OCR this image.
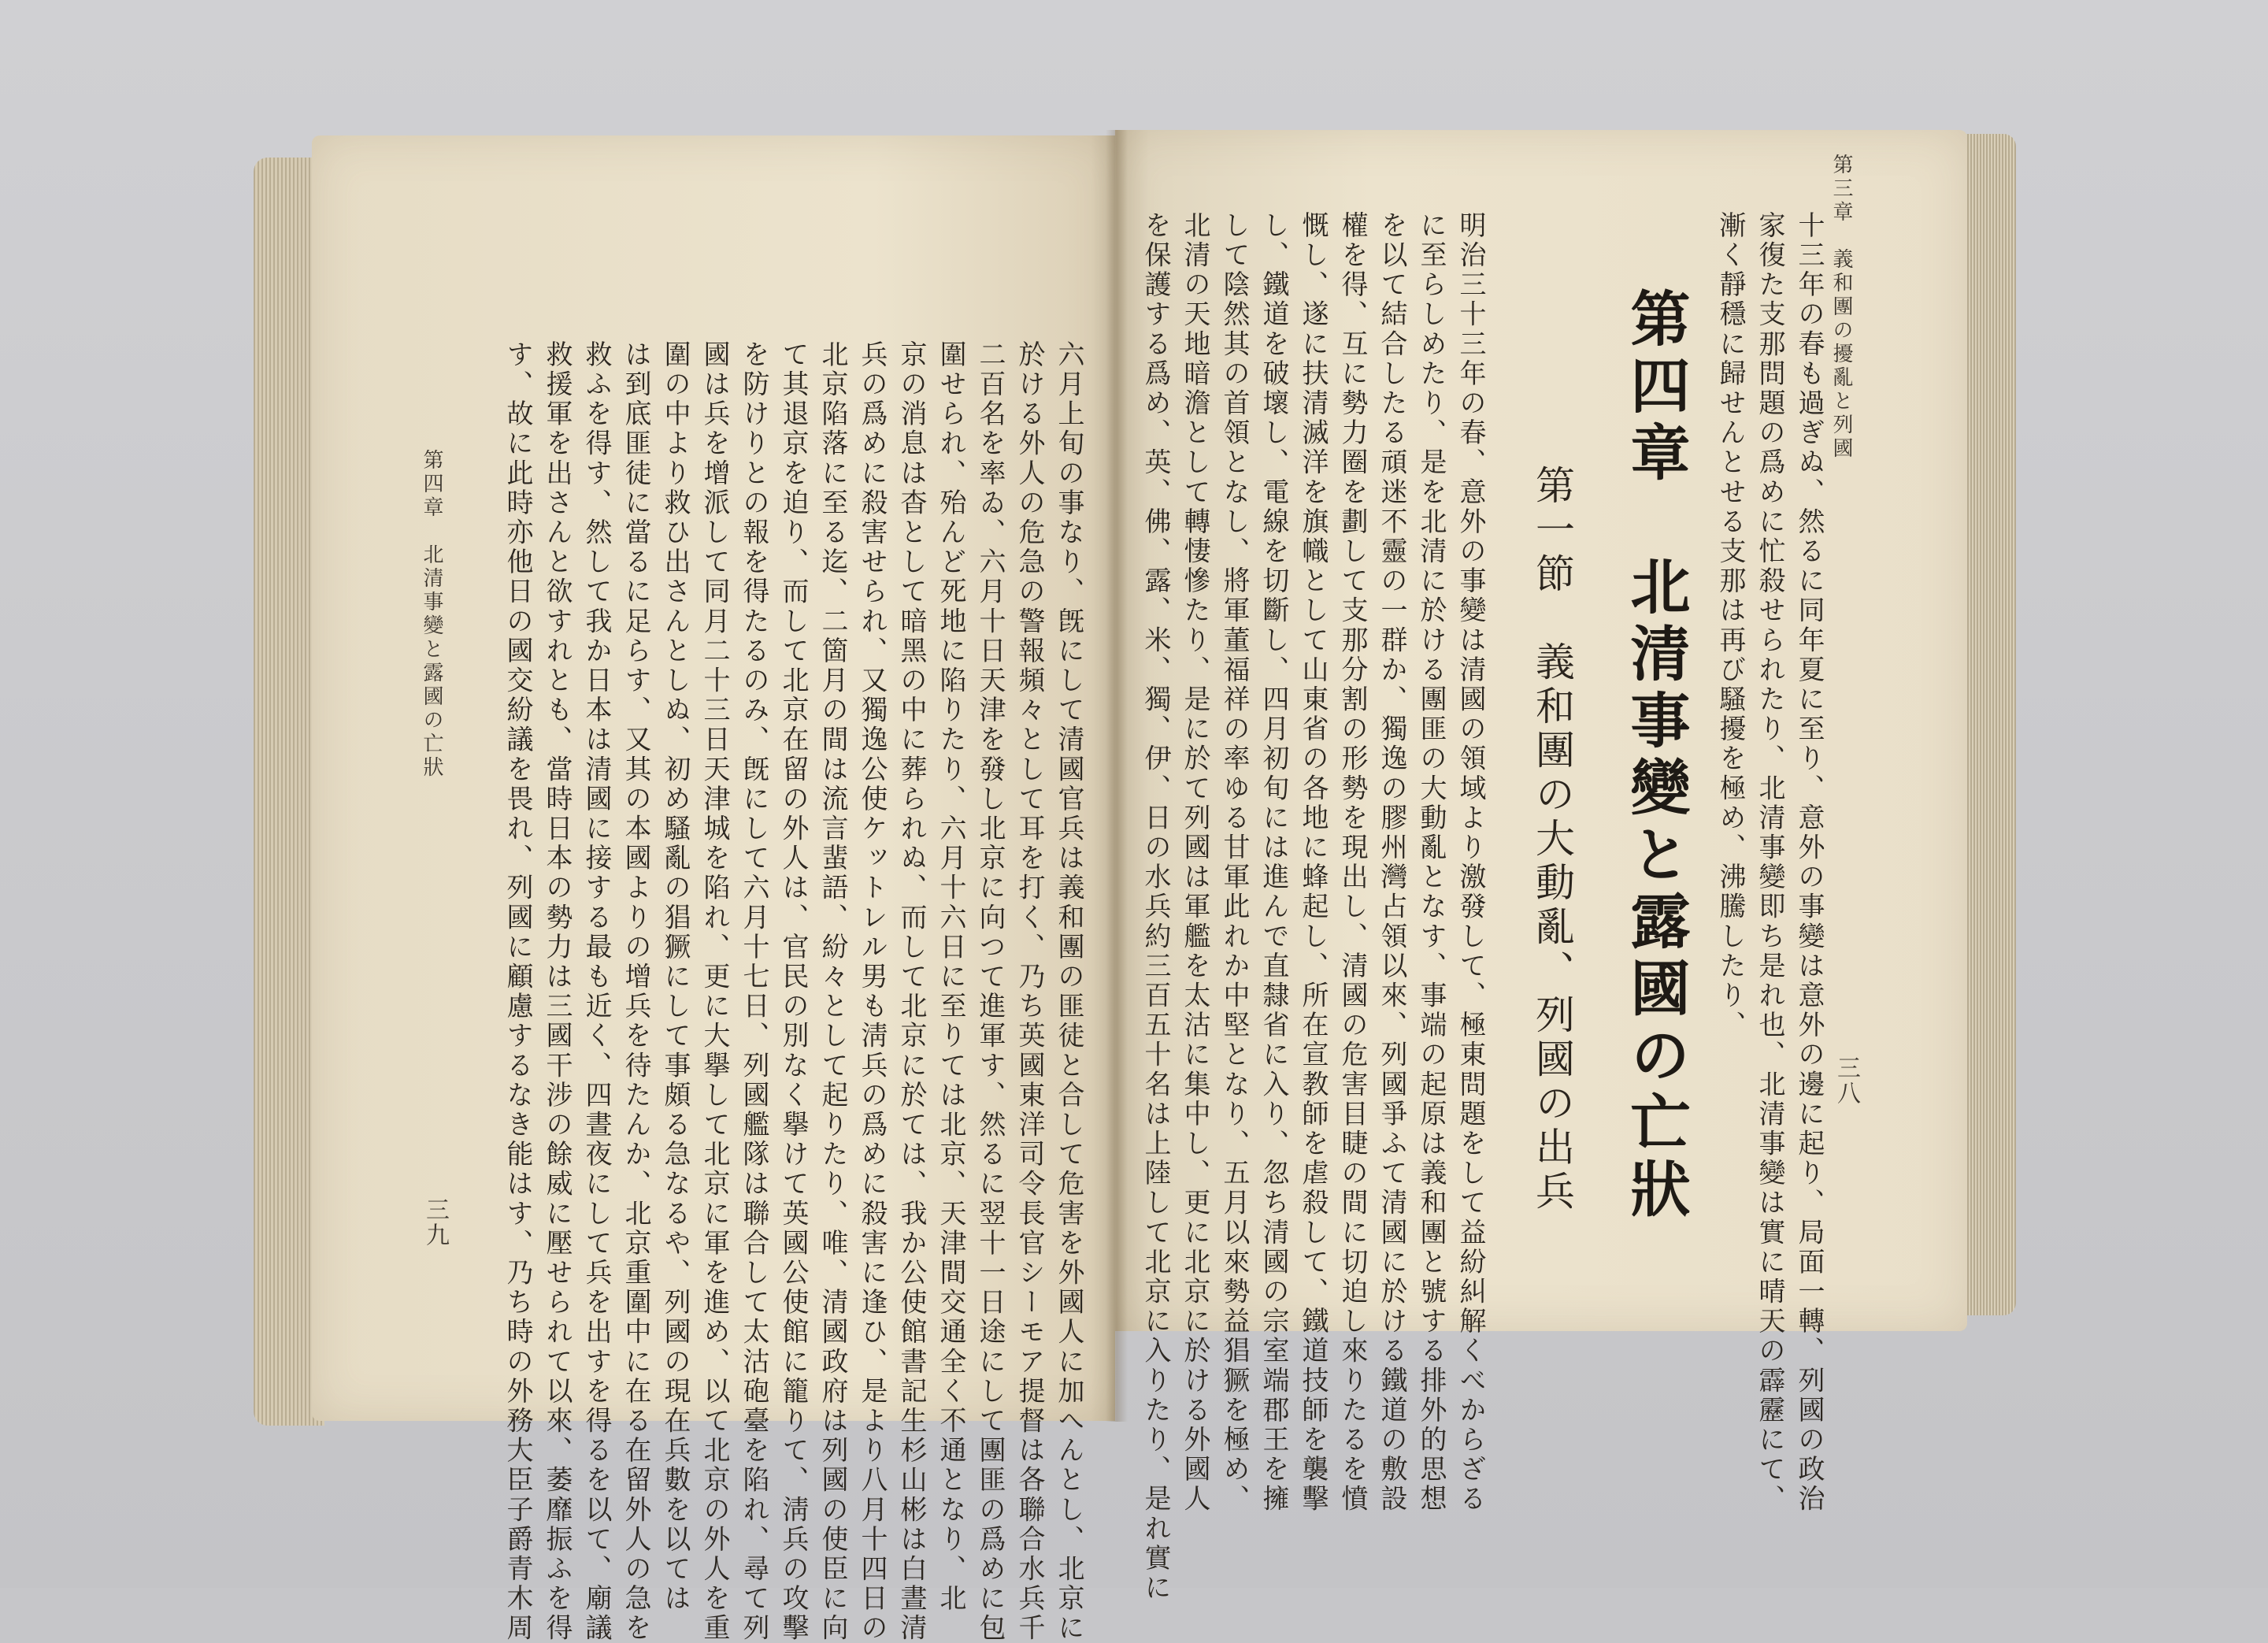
第三章　義和團の擾亂と列國
三八
十三年の春も過ぎぬ、然るに同年夏に至り、意外の事變は意外の邊に起り、局面一轉、列國の政治
家復た支那問題の爲めに忙殺せられたり、北清事變即ち是れ也、北清事變は實に晴天の霹靂にて、
漸く靜穩に歸せんとせる支那は再び騷擾を極め、沸騰したり、
第四章　北清事變と露國の亡狀
第一節　義和團の大動亂、列國の出兵
明治三十三年の春、意外の事變は清國の領域より激發して、極東問題をして益紛糾解くべからざる
に至らしめたり、是を北清に於ける團匪の大動亂となす、事端の起原は義和團と號する排外的思想
を以て結合したる頑迷不靈の一群か、獨逸の膠州灣占領以來、列國爭ふて清國に於ける鐵道の敷設
權を得、互に勢力圈を劃して支那分割の形勢を現出し、清國の危害目睫の間に切迫し來りたるを憤
慨し、遂に扶清滅洋を旗幟として山東省の各地に蜂起し、所在宣教師を虐殺して、鐵道技師を襲擊
し、鐵道を破壞し、電線を切斷し、四月初旬には進んで直隸省に入り、忽ち清國の宗室端郡王を擁
して陰然其の首領となし、將軍董福祥の率ゆる甘軍此れか中堅となり、五月以來勢益猖獗を極め、
北清の天地暗澹として轉悽慘たり、是に於て列國は軍艦を太沽に集中し、更に北京に於ける外國人
を保護する爲め、英、佛、露、米、獨、伊、日の水兵約三百五十名は上陸して北京に入りたり、是れ實に
六月上旬の事なり、旣にして清國官兵は義和團の匪徒と合して危害を外國人に加へんとし、北京に
於ける外人の危急の警報頻々として耳を打く、乃ち英國東洋司令長官シーモア提督は各聯合水兵千
二百名を率ゐ、六月十日天津を發し北京に向つて進軍す、然るに翌十一日途にして團匪の爲めに包
圍せられ、殆んど死地に陷りたり、六月十六日に至りては北京、天津間交通全く不通となり、北
京の消息は杳として暗黑の中に葬られぬ、而して北京に於ては、我か公使館書記生杉山彬は白晝清
兵の爲めに殺害せられ、又獨逸公使ケットレル男も淸兵の爲めに殺害に逢ひ、是より八月十四日の
北京陷落に至る迄、二箇月の間は流言蜚語、紛々として起りたり、唯、清國政府は列國の使臣に向
て其退京を迫り、而して北京在留の外人は、官民の別なく擧けて英國公使館に籠りて、淸兵の攻擊
を防けりとの報を得たるのみ、旣にして六月十七日、列國艦隊は聯合して太沽砲臺を陷れ、尋て列
國は兵を增派して同月二十三日天津城を陷れ、更に大擧して北京に軍を進め、以て北京の外人を重
圍の中より救ひ出さんとしぬ、初め騷亂の猖獗にして事頗る急なるや、列國の現在兵數を以ては
は到底匪徒に當るに足らす、又其の本國よりの增兵を待たんか、北京重圍中に在る在留外人の急を
救ふを得す、然して我か日本は清國に接する最も近く、四晝夜にして兵を出すを得るを以て、廟議
救援軍を出さんと欲すれとも、當時日本の勢力は三國干涉の餘威に壓せられて以來、萎靡振ふを得
す、故に此時亦他日の國交紛議を畏れ、列國に顧慮するなき能はす、乃ち時の外務大臣子爵青木周
第四章　北清事變と露國の亡狀
三九
